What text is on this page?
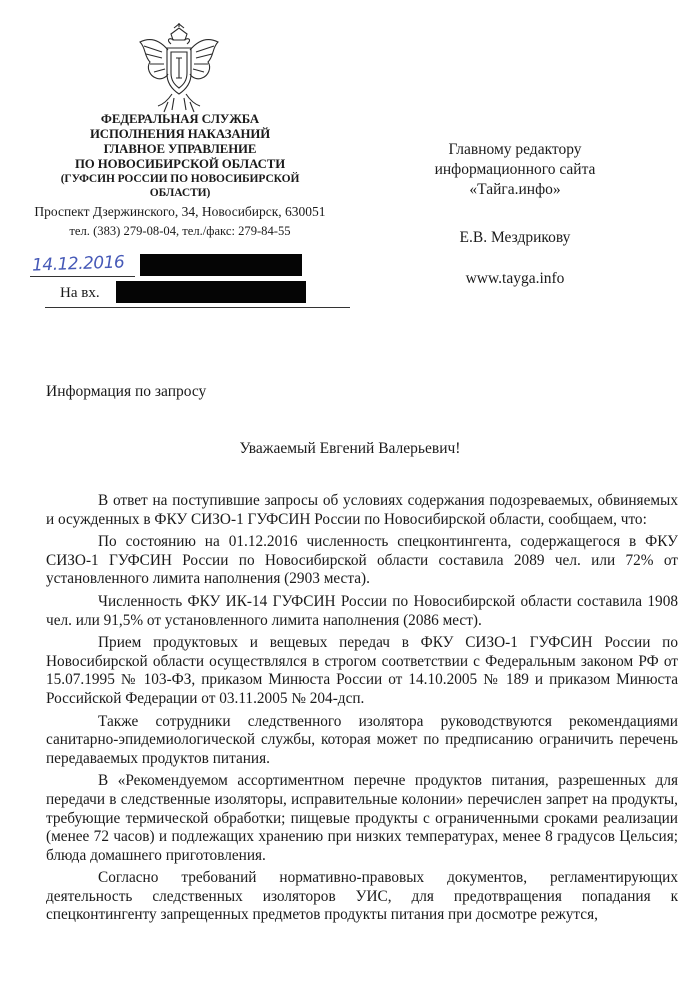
ФЕДЕРАЛЬНАЯ СЛУЖБА
ИСПОЛНЕНИЯ НАКАЗАНИЙ
ГЛАВНОЕ УПРАВЛЕНИЕ
ПО НОВОСИБИРСКОЙ ОБЛАСТИ
(ГУФСИН РОССИИ ПО НОВОСИБИРСКОЙ ОБЛАСТИ)
Проспект Дзержинского, 34, Новосибирск, 630051
тел. (383) 279-08-04, тел./факс: 279-84-55
14.12.2016
На вх.
Главному редактору
информационного сайта
«Тайга.инфо»
Е.В. Мездрикову
www.tayga.info
Информация по запросу
Уважаемый Евгений Валерьевич!

В ответ на поступившие запросы об условиях содержания подозреваемых, обвиняемых и осужденных в ФКУ СИЗО-1 ГУФСИН России по Новосибирской области, сообщаем, что:

По состоянию на 01.12.2016 численность спецконтингента, содержащегося в ФКУ СИЗО-1 ГУФСИН России по Новосибирской области составила 2089 чел. или 72% от установленного лимита наполнения (2903 места).

Численность ФКУ ИК-14 ГУФСИН России по Новосибирской области составила 1908 чел. или 91,5% от установленного лимита наполнения (2086 мест).

Прием продуктовых и вещевых передач в ФКУ СИЗО-1 ГУФСИН России по Новосибирской области осуществлялся в строгом соответствии с Федеральным законом РФ от 15.07.1995 № 103-ФЗ, приказом Минюста России от 14.10.2005 № 189 и приказом Минюста Российской Федерации от 03.11.2005 № 204-дсп.

Также сотрудники следственного изолятора руководствуются рекомендациями санитарно-эпидемиологической службы, которая может по предписанию ограничить перечень передаваемых продуктов питания.

В «Рекомендуемом ассортиментном перечне продуктов питания, разрешенных для передачи в следственные изоляторы, исправительные колонии» перечислен запрет на продукты, требующие термической обработки; пищевые продукты с ограниченными сроками реализации (менее 72 часов) и подлежащих хранению при низких температурах, менее 8 градусов Цельсия; блюда домашнего приготовления.

Согласно требований нормативно-правовых документов, регламентирующих деятельность следственных изоляторов УИС, для предотвращения попадания к спецконтингенту запрещенных предметов продукты питания при досмотре режутся,
